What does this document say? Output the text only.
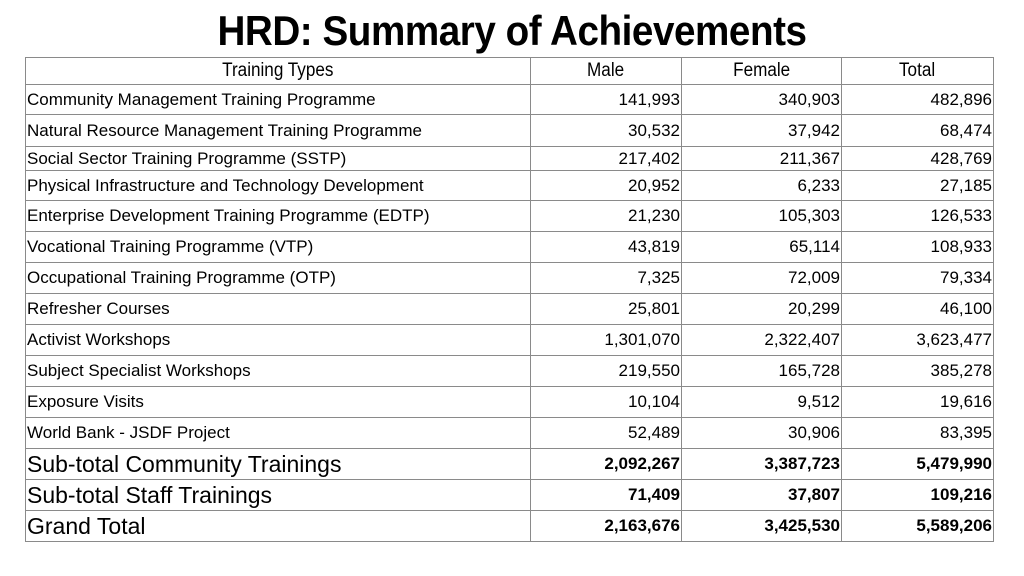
HRD: Summary of Achievements
Training Types	Male	Female	Total
Community Management Training Programme	141,993	340,903	482,896
Natural Resource Management Training Programme	30,532	37,942	68,474
Social Sector Training Programme (SSTP)	217,402	211,367	428,769
Physical Infrastructure and Technology Development	20,952	6,233	27,185
Enterprise Development Training Programme (EDTP)	21,230	105,303	126,533
Vocational Training Programme (VTP)	43,819	65,114	108,933
Occupational Training Programme (OTP)	7,325	72,009	79,334
Refresher Courses	25,801	20,299	46,100
Activist Workshops	1,301,070	2,322,407	3,623,477
Subject Specialist Workshops	219,550	165,728	385,278
Exposure Visits	10,104	9,512	19,616
World Bank - JSDF Project	52,489	30,906	83,395
Sub-total Community Trainings	2,092,267	3,387,723	5,479,990
Sub-total Staff Trainings	71,409	37,807	109,216
Grand Total	2,163,676	3,425,530	5,589,206
